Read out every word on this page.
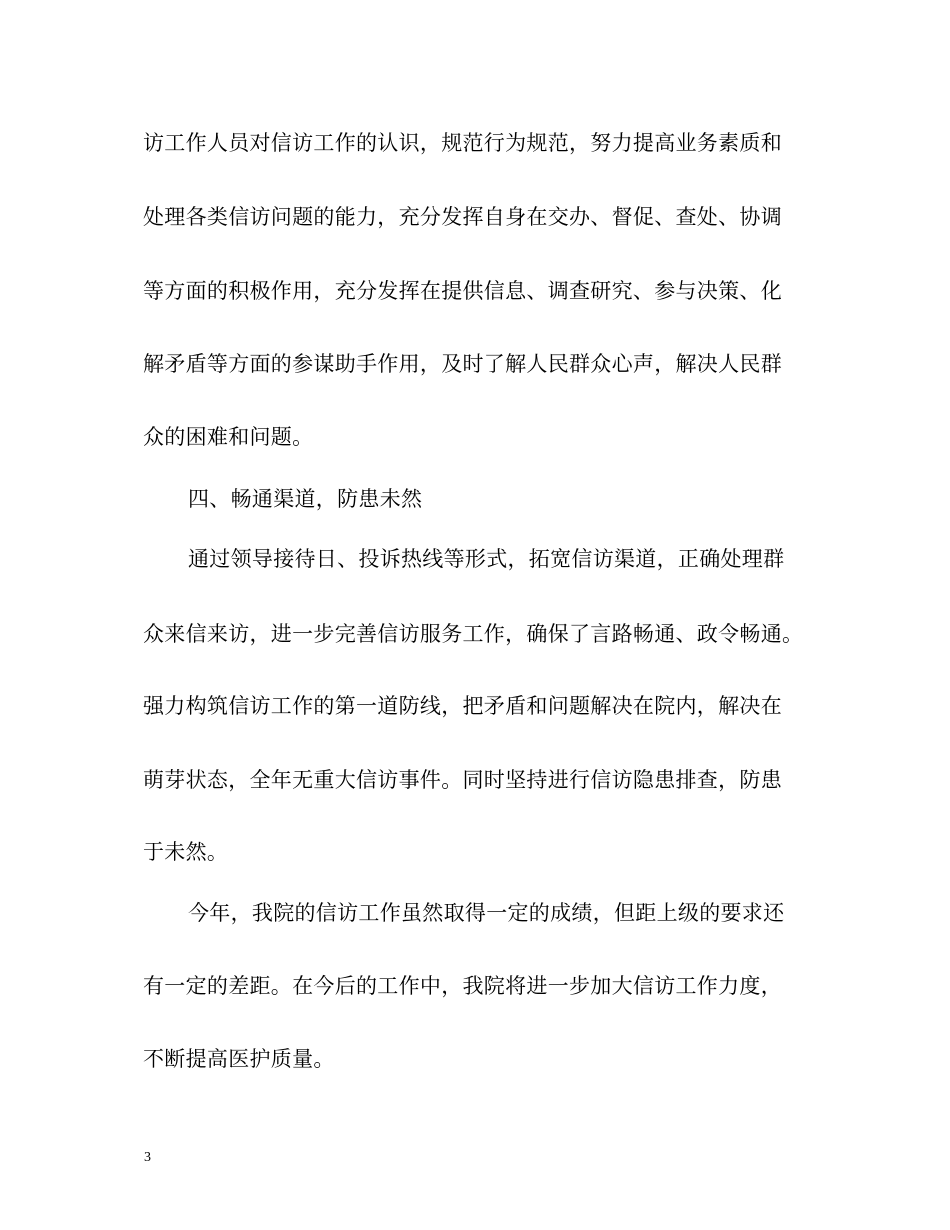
访工作人员对信访工作的认识，规范行为规范，努力提高业务素质和
处理各类信访问题的能力，充分发挥自身在交办、督促、查处、协调
等方面的积极作用，充分发挥在提供信息、调查研究、参与决策、化
解矛盾等方面的参谋助手作用，及时了解人民群众心声，解决人民群
众的困难和问题。
四、畅通渠道，防患未然
通过领导接待日、投诉热线等形式，拓宽信访渠道，正确处理群
众来信来访，进一步完善信访服务工作，确保了言路畅通、政令畅通。
强力构筑信访工作的第一道防线，把矛盾和问题解决在院内，解决在
萌芽状态，全年无重大信访事件。同时坚持进行信访隐患排查，防患
于未然。
今年，我院的信访工作虽然取得一定的成绩，但距上级的要求还
有一定的差距。在今后的工作中，我院将进一步加大信访工作力度，
不断提高医护质量。
3
